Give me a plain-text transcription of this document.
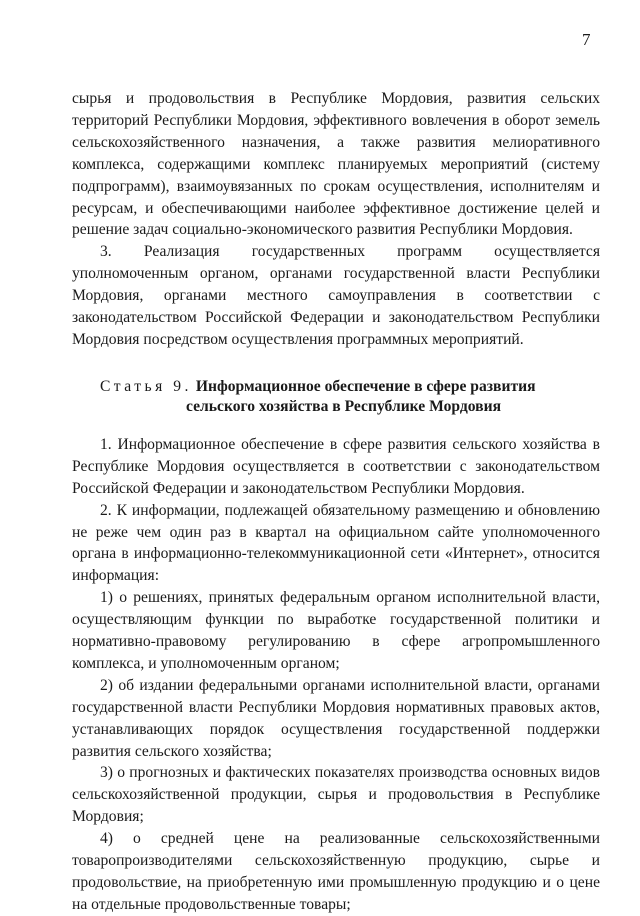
7

сырья и продовольствия в Республике Мордовия, развития сельских территорий Республики Мордовия, эффективного вовлечения в оборот земель сельскохозяйственного назначения, а также развития мелиоративного комплекса, содержащими комплекс планируемых мероприятий (систему подпрограмм), взаимоувязанных по срокам осуществления, исполнителям и ресурсам, и обеспечивающими наиболее эффективное достижение целей и решение задач социально-экономического развития Республики Мордовия.

3. Реализация государственных программ осуществляется уполномоченным органом, органами государственной власти Республики Мордовия, органами местного самоуправления в соответствии с законодательством Российской Федерации и законодательством Республики Мордовия посредством осуществления программных мероприятий.

Статья 9. Информационное обеспечение в сфере развития
сельского хозяйства в Республике Мордовия

1. Информационное обеспечение в сфере развития сельского хозяйства в Республике Мордовия осуществляется в соответствии с законодательством Российской Федерации и законодательством Республики Мордовия.

2. К информации, подлежащей обязательному размещению и обновлению не реже чем один раз в квартал на официальном сайте уполномоченного органа в информационно-телекоммуникационной сети «Интернет», относится информация:

1) о решениях, принятых федеральным органом исполнительной власти, осуществляющим функции по выработке государственной политики и нормативно-правовому регулированию в сфере агропромышленного комплекса, и уполномоченным органом;

2) об издании федеральными органами исполнительной власти, органами государственной власти Республики Мордовия нормативных правовых актов, устанавливающих порядок осуществления государственной поддержки развития сельского хозяйства;

3) о прогнозных и фактических показателях производства основных видов сельскохозяйственной продукции, сырья и продовольствия в Республике Мордовия;

4) о средней цене на реализованные сельскохозяйственными товаропроизводителями сельскохозяйственную продукцию, сырье и продовольствие, на приобретенную ими промышленную продукцию и о цене на отдельные продовольственные товары;
